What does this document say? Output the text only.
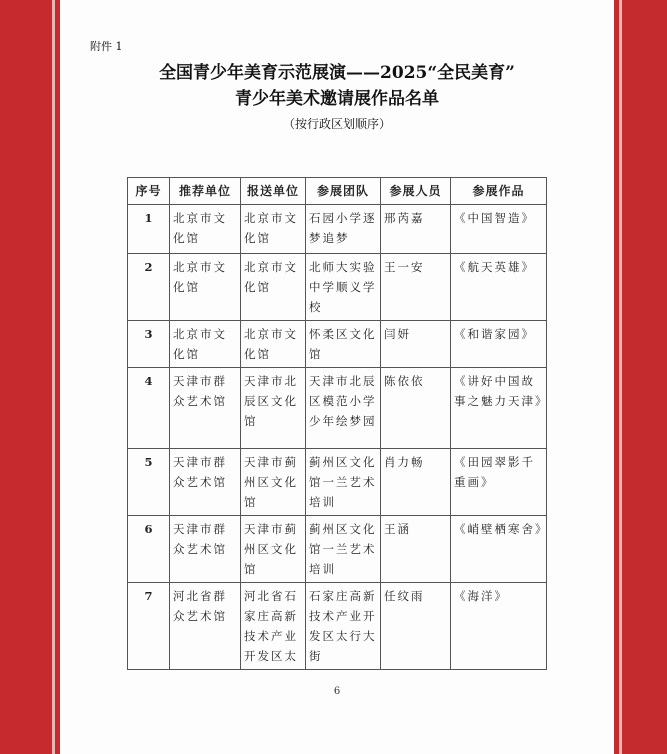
附件 1
全国青少年美育示范展演——2025“全民美育”
青少年美术邀请展作品名单
（按行政区划顺序）
序号	推荐单位	报送单位	参展团队	参展人员	参展作品
1	北京市文化馆	北京市文化馆	石园小学逐梦追梦	邢芮嘉	《中国智造》
2	北京市文化馆	北京市文化馆	北师大实验中学顺义学校	王一安	《航天英雄》
3	北京市文化馆	北京市文化馆	怀柔区文化馆	闫妍	《和谐家园》
4	天津市群众艺术馆	天津市北辰区文化馆	天津市北辰区模范小学少年绘梦园	陈依依	《讲好中国故事之魅力天津》
5	天津市群众艺术馆	天津市蓟州区文化馆	蓟州区文化馆一兰艺术培训	肖力畅	《田园翠影千重画》
6	天津市群众艺术馆	天津市蓟州区文化馆	蓟州区文化馆一兰艺术培训	王涵	《峭壁栖寒舍》
7	河北省群众艺术馆	河北省石家庄高新技术产业开发区太	石家庄高新技术产业开发区太行大街	任纹雨	《海洋》
6
